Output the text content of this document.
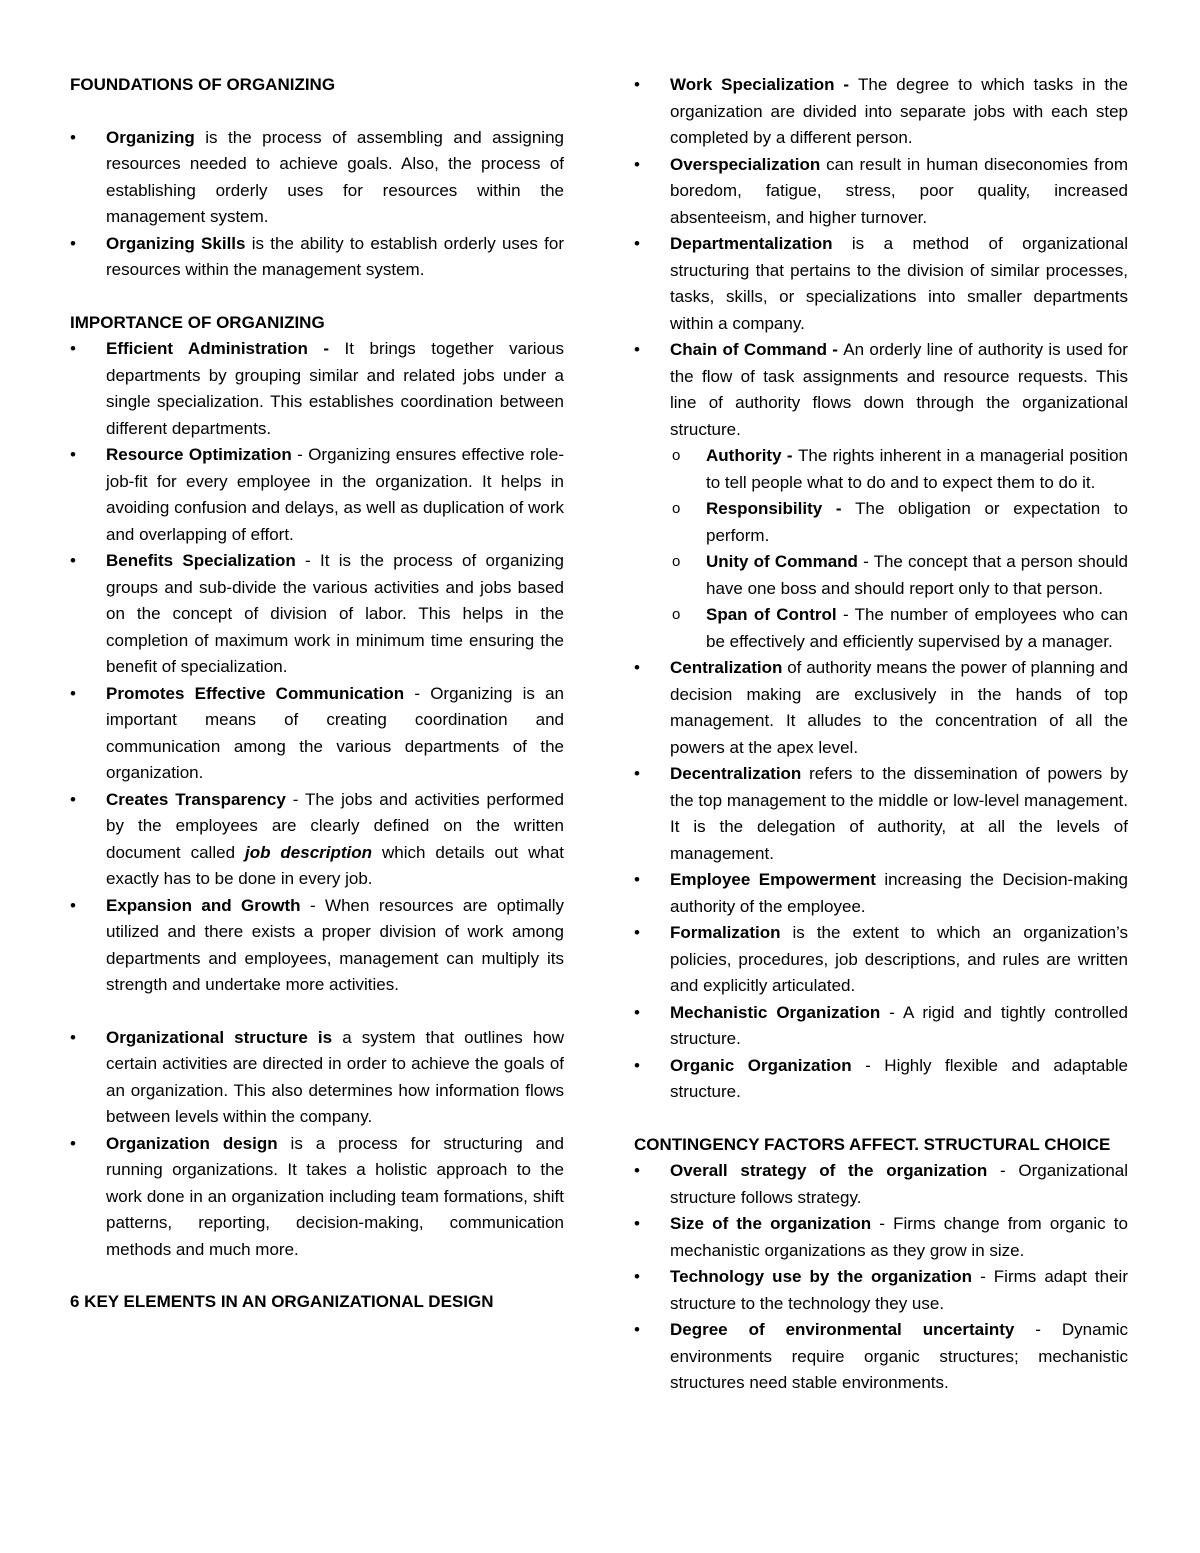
FOUNDATIONS OF ORGANIZING

• Organizing is the process of assembling and assigning resources needed to achieve goals. Also, the process of establishing orderly uses for resources within the management system.
• Organizing Skills is the ability to establish orderly uses for resources within the management system.

IMPORTANCE OF ORGANIZING

• Efficient Administration - It brings together various departments by grouping similar and related jobs under a single specialization. This establishes coordination between different departments.
• Resource Optimization - Organizing ensures effective role-job-fit for every employee in the organization. It helps in avoiding confusion and delays, as well as duplication of work and overlapping of effort.
• Benefits Specialization - It is the process of organizing groups and sub-divide the various activities and jobs based on the concept of division of labor. This helps in the completion of maximum work in minimum time ensuring the benefit of specialization.
• Promotes Effective Communication - Organizing is an important means of creating coordination and communication among the various departments of the organization.
• Creates Transparency - The jobs and activities performed by the employees are clearly defined on the written document called job description which details out what exactly has to be done in every job.
• Expansion and Growth - When resources are optimally utilized and there exists a proper division of work among departments and employees, management can multiply its strength and undertake more activities.
• Organizational structure is a system that outlines how certain activities are directed in order to achieve the goals of an organization. This also determines how information flows between levels within the company.
• Organization design is a process for structuring and running organizations. It takes a holistic approach to the work done in an organization including team formations, shift patterns, reporting, decision-making, communication methods and much more.

6 KEY ELEMENTS IN AN ORGANIZATIONAL DESIGN

• Work Specialization - The degree to which tasks in the organization are divided into separate jobs with each step completed by a different person.
• Overspecialization can result in human diseconomies from boredom, fatigue, stress, poor quality, increased absenteeism, and higher turnover.
• Departmentalization is a method of organizational structuring that pertains to the division of similar processes, tasks, skills, or specializations into smaller departments within a company.
• Chain of Command - An orderly line of authority is used for the flow of task assignments and resource requests. This line of authority flows down through the organizational structure.
o Authority - The rights inherent in a managerial position to tell people what to do and to expect them to do it.
o Responsibility - The obligation or expectation to perform.
o Unity of Command - The concept that a person should have one boss and should report only to that person.
o Span of Control - The number of employees who can be effectively and efficiently supervised by a manager.
• Centralization of authority means the power of planning and decision making are exclusively in the hands of top management. It alludes to the concentration of all the powers at the apex level.
• Decentralization refers to the dissemination of powers by the top management to the middle or low-level management. It is the delegation of authority, at all the levels of management.
• Employee Empowerment increasing the Decision-making authority of the employee.
• Formalization is the extent to which an organization’s policies, procedures, job descriptions, and rules are written and explicitly articulated.
• Mechanistic Organization - A rigid and tightly controlled structure.
• Organic Organization - Highly flexible and adaptable structure.

CONTINGENCY FACTORS AFFECT. STRUCTURAL CHOICE

• Overall strategy of the organization - Organizational structure follows strategy.
• Size of the organization - Firms change from organic to mechanistic organizations as they grow in size.
• Technology use by the organization - Firms adapt their structure to the technology they use.
• Degree of environmental uncertainty - Dynamic environments require organic structures; mechanistic structures need stable environments.
